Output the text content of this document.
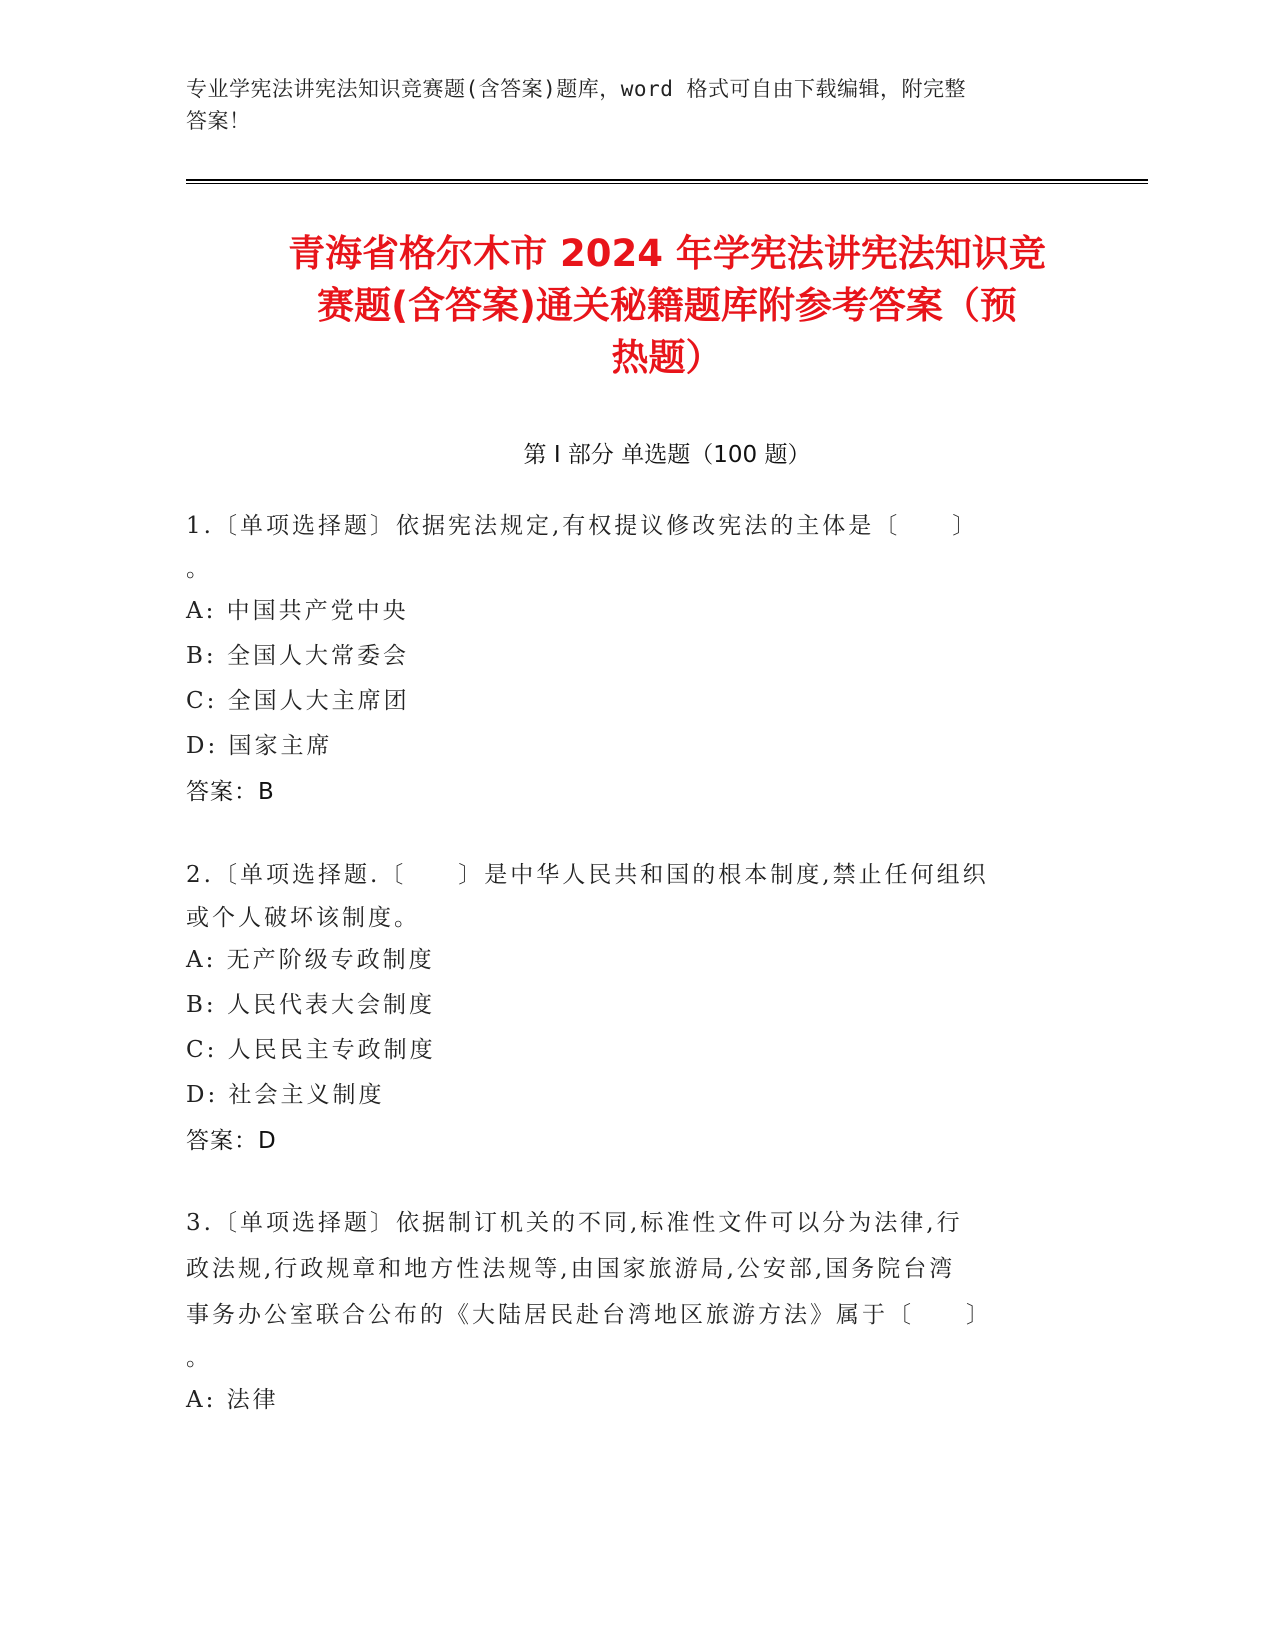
专业学宪法讲宪法知识竞赛题(含答案)题库，word 格式可自由下载编辑，附完整
答案！
青海省格尔木市 2024 年学宪法讲宪法知识竞
赛题(含答案)通关秘籍题库附参考答案（预
热题）
第 I 部分 单选题（100 题）
1.〔单项选择题〕依据宪法规定,有权提议修改宪法的主体是〔　　〕
。
A: 中国共产党中央
B: 全国人大常委会
C: 全国人大主席团
D: 国家主席
答案：B
2.〔单项选择题.〔　　〕是中华人民共和国的根本制度,禁止任何组织
或个人破坏该制度。
A: 无产阶级专政制度
B: 人民代表大会制度
C: 人民民主专政制度
D: 社会主义制度
答案：D
3.〔单项选择题〕依据制订机关的不同,标准性文件可以分为法律,行
政法规,行政规章和地方性法规等,由国家旅游局,公安部,国务院台湾
事务办公室联合公布的《大陆居民赴台湾地区旅游方法》属于〔　　〕
。
A: 法律
